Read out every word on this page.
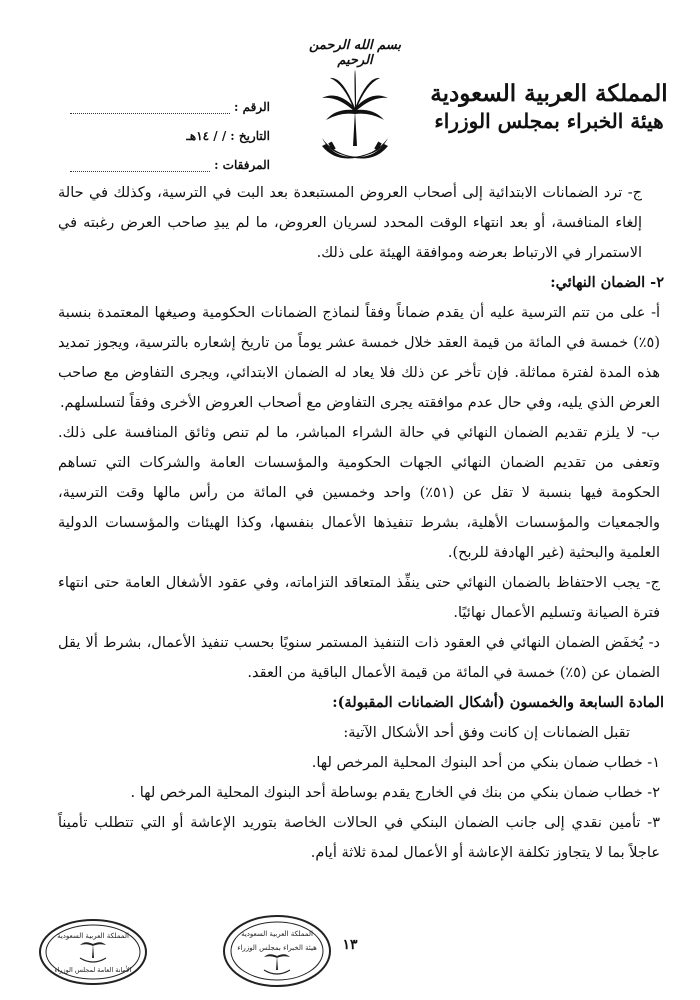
بسم الله الرحمن الرحيم
المملكة العربية السعودية
هيئة الخبراء بمجلس الوزراء
الرقم :
التاريخ :
/ / ١٤هـ
المرفقات :

ج- ترد الضمانات الابتدائية إلى أصحاب العروض المستبعدة بعد البت في الترسية، وكذلك في حالة إلغاء المنافسة، أو بعد انتهاء الوقت المحدد لسريان العروض، ما لم يبدِ صاحب العرض رغبته في الاستمرار في الارتباط بعرضه وموافقة الهيئة على ذلك.

٢- الضمان النهائي:

أ- على من تتم الترسية عليه أن يقدم ضماناً وفقاً لنماذج الضمانات الحكومية وصيغها المعتمدة بنسبة (٥٪) خمسة في المائة من قيمة العقد خلال خمسة عشر يوماً من تاريخ إشعاره بالترسية، ويجوز تمديد هذه المدة لفترة مماثلة. فإن تأخر عن ذلك فلا يعاد له الضمان الابتدائي، ويجرى التفاوض مع صاحب العرض الذي يليه، وفي حال عدم موافقته يجرى التفاوض مع أصحاب العروض الأخرى وفقاً لتسلسلهم.

ب- لا يلزم تقديم الضمان النهائي في حالة الشراء المباشر، ما لم تنص وثائق المنافسة على ذلك. وتعفى من تقديم الضمان النهائي الجهات الحكومية والمؤسسات العامة والشركات التي تساهم الحكومة فيها بنسبة لا تقل عن (٥١٪) واحد وخمسين في المائة من رأس مالها وقت الترسية، والجمعيات والمؤسسات الأهلية، بشرط تنفيذها الأعمال بنفسها، وكذا الهيئات والمؤسسات الدولية العلمية والبحثية (غير الهادفة للربح).

ج- يجب الاحتفاظ بالضمان النهائي حتى ينفِّذ المتعاقد التزاماته، وفي عقود الأشغال العامة حتى انتهاء فترة الصيانة وتسليم الأعمال نهائيًا.

د- يُخفَض الضمان النهائي في العقود ذات التنفيذ المستمر سنويًا بحسب تنفيذ الأعمال، بشرط ألا يقل الضمان عن (٥٪) خمسة في المائة من قيمة الأعمال الباقية من العقد.

المادة السابعة والخمسون (أشكال الضمانات المقبولة):

تقبل الضمانات إن كانت وفق أحد الأشكال الآتية:

١- خطاب ضمان بنكي من أحد البنوك المحلية المرخص لها.

٢- خطاب ضمان بنكي من بنك في الخارج يقدم بوساطة أحد البنوك المحلية المرخص لها .

٣- تأمين نقدي إلى جانب الضمان البنكي في الحالات الخاصة بتوريد الإعاشة أو التي تتطلب تأميناً عاجلاً بما لا يتجاوز تكلفة الإعاشة أو الأعمال لمدة ثلاثة أيام.

١٣
المملكة العربية السعودية
الأمانة العامة لمجلس الوزراء
المملكة العربية السعودية
هيئة الخبراء بمجلس الوزراء
